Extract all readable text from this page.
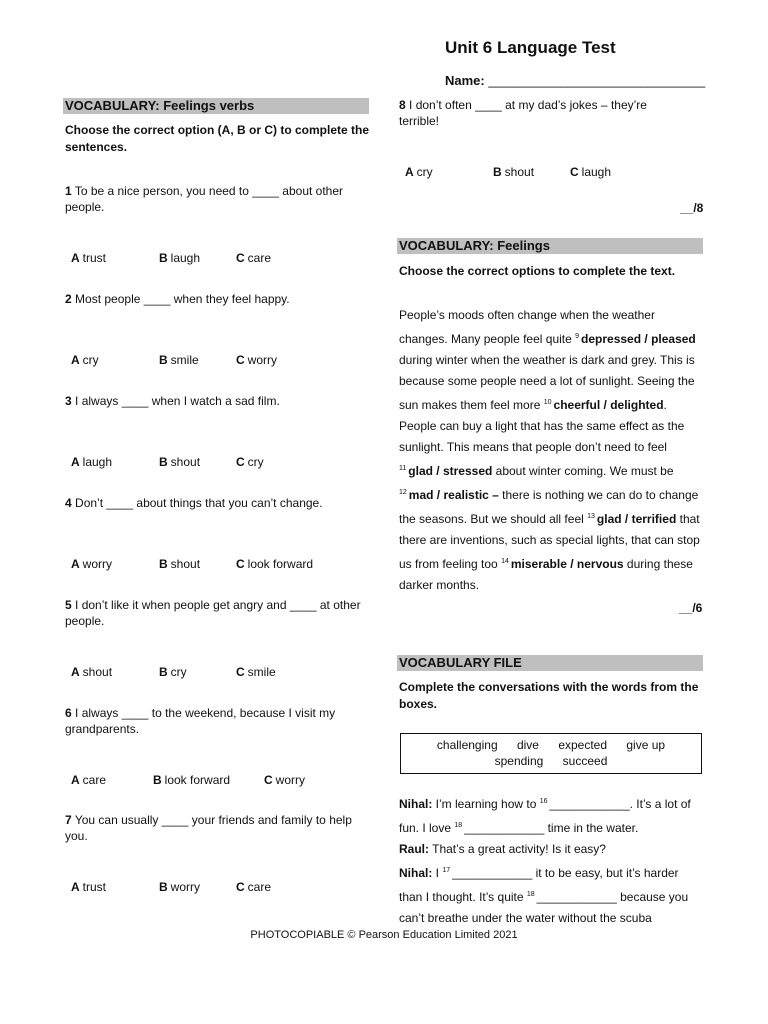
Unit 6 Language Test
Name: ______________________________
VOCABULARY: Feelings verbs
Choose the correct option (A, B or C) to complete the sentences.
1 To be a nice person, you need to ____ about other people.
A trust	B laugh	C care
2 Most people ____ when they feel happy.
A cry	B smile	C worry
3 I always ____ when I watch a sad film.
A laugh	B shout	C cry
4 Don’t ____ about things that you can’t change.
A worry	B shout	C look forward
5 I don’t like it when people get angry and ____ at other people.
A shout	B cry	C smile
6 I always ____ to the weekend, because I visit my grandparents.
A care	B look forward	C worry
7 You can usually ____ your friends and family to help you.
A trust	B worry	C care
8 I don’t often ____ at my dad’s jokes – they’re terrible!
A cry	B shout	C laugh
__/8
VOCABULARY: Feelings
Choose the correct options to complete the text.
People’s moods often change when the weather changes. Many people feel quite $^9$ depressed / pleased during winter when the weather is dark and grey. This is because some people need a lot of sunlight. Seeing the sun makes them feel more $^{10}$ cheerful / delighted. People can buy a light that has the same effect as the sunlight. This means that people don’t need to feel $^{11}$ glad / stressed about winter coming. We must be $^{12}$ mad / realistic – there is nothing we can do to change the seasons. But we should all feel $^{13}$ glad / terrified that there are inventions, such as special lights, that can stop us from feeling too $^{14}$ miserable / nervous during these darker months.
__/6
VOCABULARY FILE
Complete the conversations with the words from the boxes.
challenging dive expected give up
spending succeed
Nihal: I’m learning how to $^{16}$ ____________. It’s a lot of fun. I love $^{18}$ ____________ time in the water.
Raul: That’s a great activity! Is it easy?
Nihal: I $^{17}$ ____________ it to be easy, but it’s harder than I thought. It’s quite $^{18}$ ____________ because you can’t breathe under the water without the scuba
PHOTOCOPIABLE © Pearson Education Limited 2021
